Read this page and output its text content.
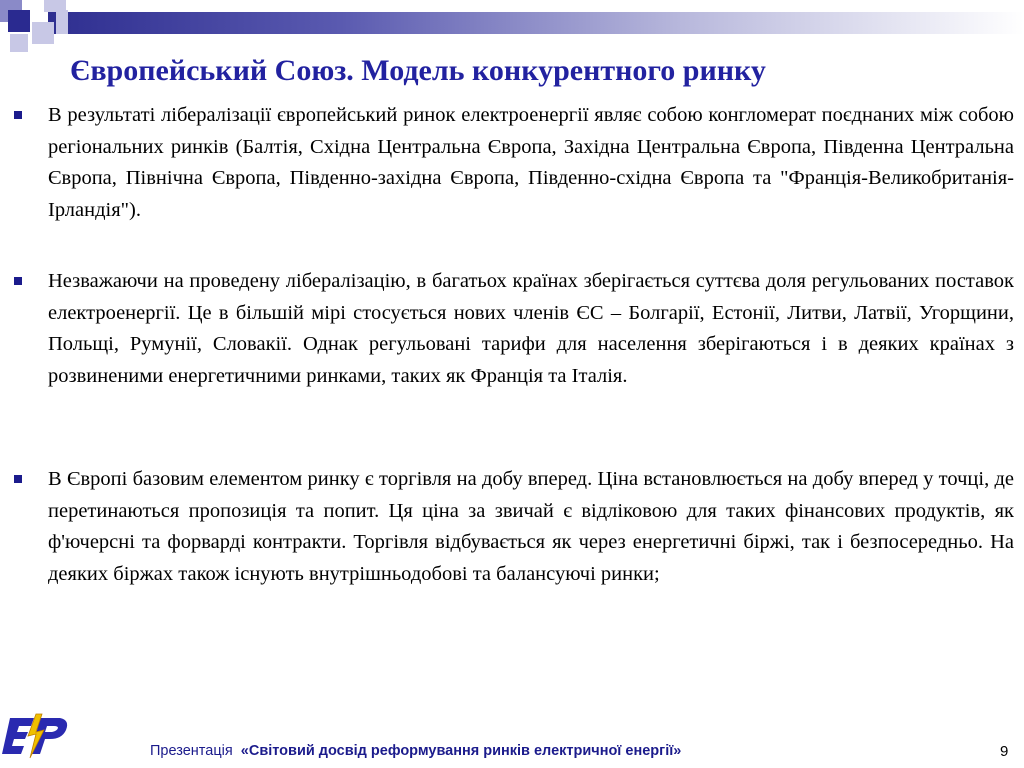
Європейський Союз. Модель конкурентного ринку
В результаті лібералізації європейський ринок електроенергії являє собою конгломерат поєднаних між собою регіональних ринків (Балтія, Східна Центральна Європа, Західна Центральна Європа, Південна Центральна Європа, Північна Європа, Південно-західна Європа, Південно-східна Європа та "Франція-Великобританія-Ірландія").
Незважаючи на проведену лібералізацію, в багатьох країнах зберігається суттєва доля регульованих поставок електроенергії. Це в більшій мірі стосується нових членів ЄС – Болгарії, Естонії, Литви, Латвії, Угорщини, Польщі, Румунії, Словакії. Однак регульовані тарифи для населення зберігаються і в деяких країнах з розвиненими енергетичними ринками, таких як Франція та Італія.
В Європі базовим елементом ринку є торгівля на добу вперед. Ціна встановлюється на добу вперед у точці, де перетинаються пропозиція та попит. Ця ціна за звичай є відліковою для таких фінансових продуктів, як ф'ючерсні та форварді контракти. Торгівля відбувається як через енергетичні біржі, так і безпосередньо. На деяких біржах також існують внутрішньодобові та балансуючі ринки;
Презентація «Світовий досвід реформування ринків електричної енергії»	9
